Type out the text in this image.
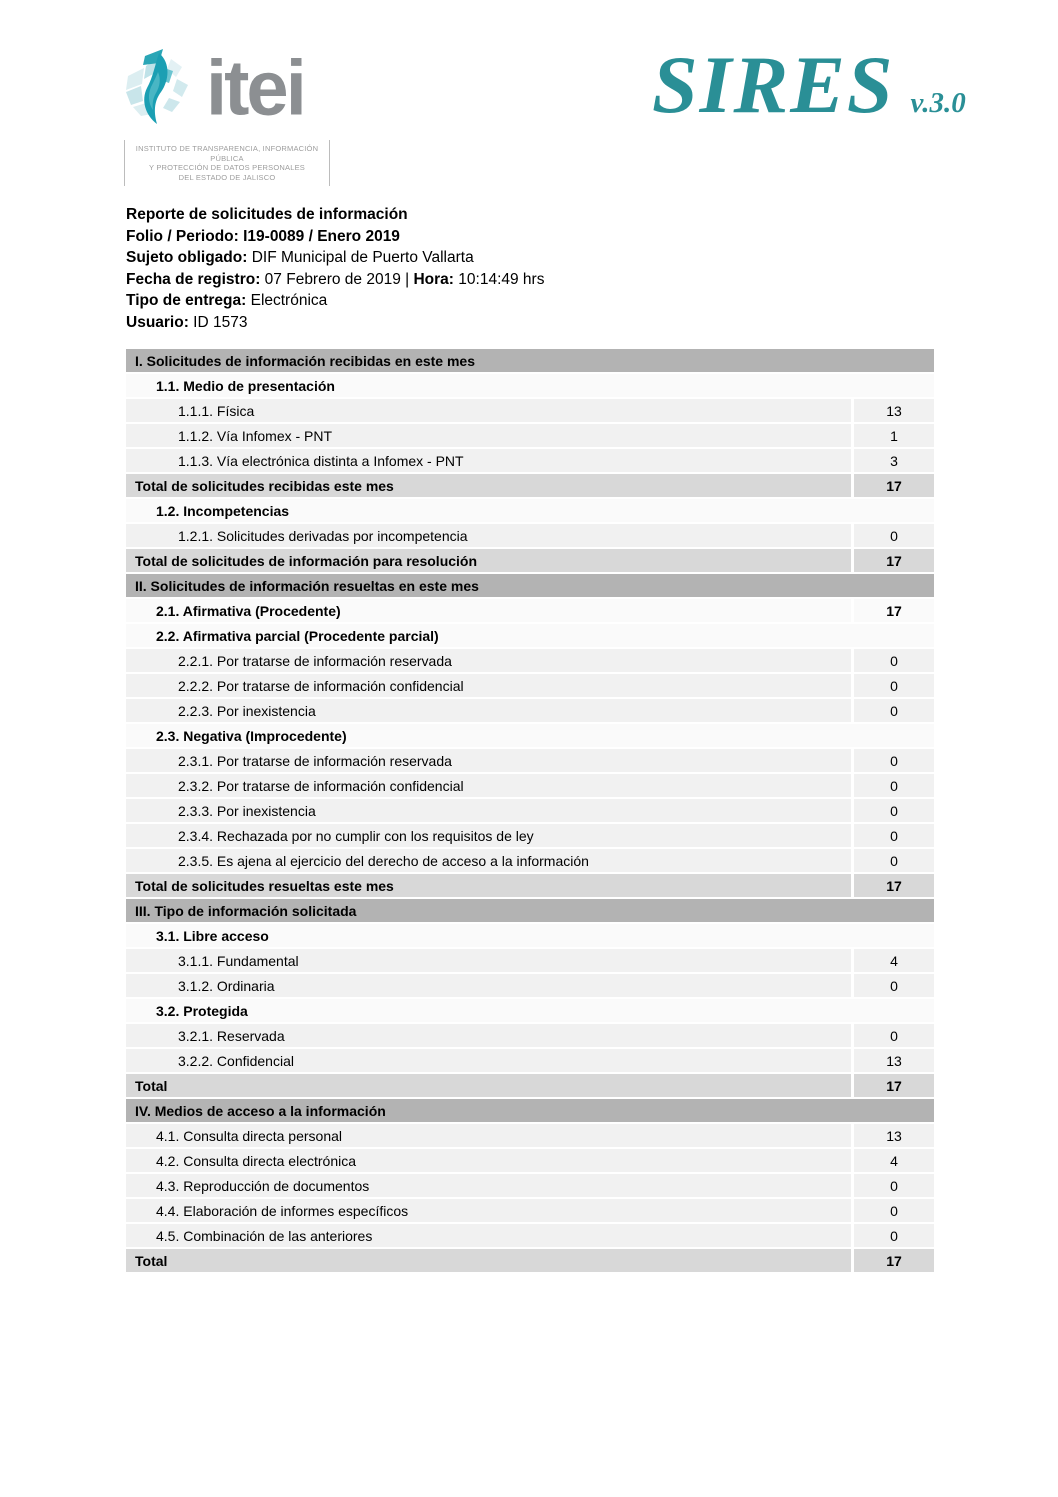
itei
INSTITUTO DE TRANSPARENCIA, INFORMACIÓN PÚBLICA
Y PROTECCIÓN DE DATOS PERSONALES
DEL ESTADO DE JALISCO
SIRES v.3.0
Reporte de solicitudes de información
Folio / Periodo: I19-0089 / Enero 2019
Sujeto obligado: DIF Municipal de Puerto Vallarta
Fecha de registro: 07 Febrero de 2019 | Hora: 10:14:49 hrs
Tipo de entrega: Electrónica
Usuario: ID 1573
I. Solicitudes de información recibidas en este mes
1.1. Medio de presentación
1.1.1. Física	13
1.1.2. Vía Infomex - PNT	1
1.1.3. Vía electrónica distinta a Infomex - PNT	3
Total de solicitudes recibidas este mes	17
1.2. Incompetencias
1.2.1. Solicitudes derivadas por incompetencia	0
Total de solicitudes de información para resolución	17
II. Solicitudes de información resueltas en este mes
2.1. Afirmativa (Procedente)	17
2.2. Afirmativa parcial (Procedente parcial)
2.2.1. Por tratarse de información reservada	0
2.2.2. Por tratarse de información confidencial	0
2.2.3. Por inexistencia	0
2.3. Negativa (Improcedente)
2.3.1. Por tratarse de información reservada	0
2.3.2. Por tratarse de información confidencial	0
2.3.3. Por inexistencia	0
2.3.4. Rechazada por no cumplir con los requisitos de ley	0
2.3.5. Es ajena al ejercicio del derecho de acceso a la información	0
Total de solicitudes resueltas este mes	17
III. Tipo de información solicitada
3.1. Libre acceso
3.1.1. Fundamental	4
3.1.2. Ordinaria	0
3.2. Protegida
3.2.1. Reservada	0
3.2.2. Confidencial	13
Total	17
IV. Medios de acceso a la información
4.1. Consulta directa personal	13
4.2. Consulta directa electrónica	4
4.3. Reproducción de documentos	0
4.4. Elaboración de informes específicos	0
4.5. Combinación de las anteriores	0
Total	17
